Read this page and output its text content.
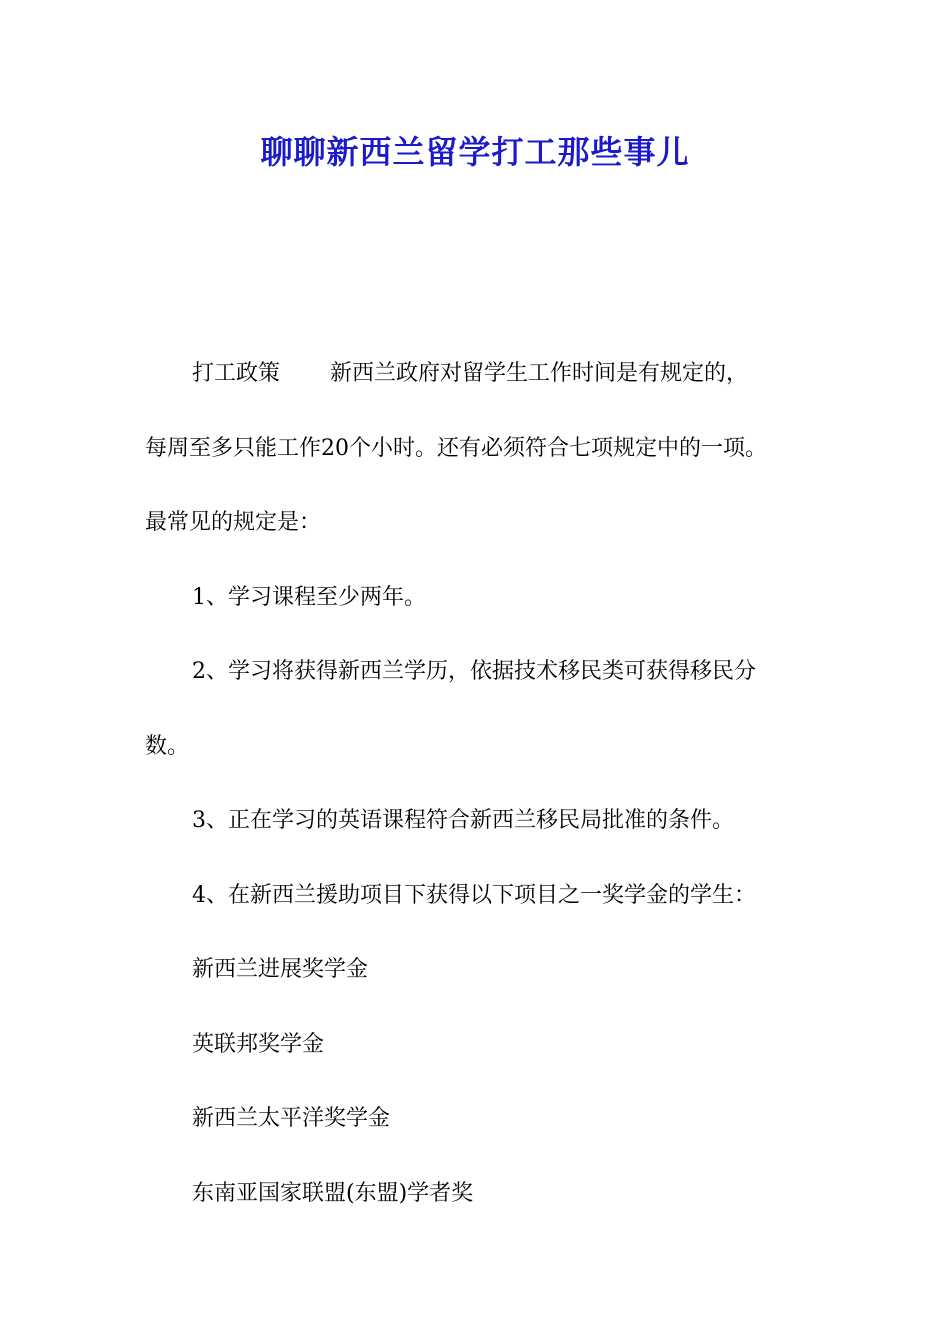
聊聊新西兰留学打工那些事儿
打工政策 新西兰政府对留学生工作时间是有规定的，
每周至多只能工作20个小时。还有必须符合七项规定中的一项。
最常见的规定是：
1、学习课程至少两年。
2、学习将获得新西兰学历，依据技术移民类可获得移民分
数。
3、正在学习的英语课程符合新西兰移民局批准的条件。
4、在新西兰援助项目下获得以下项目之一奖学金的学生：
新西兰进展奖学金
英联邦奖学金
新西兰太平洋奖学金
东南亚国家联盟(东盟)学者奖
